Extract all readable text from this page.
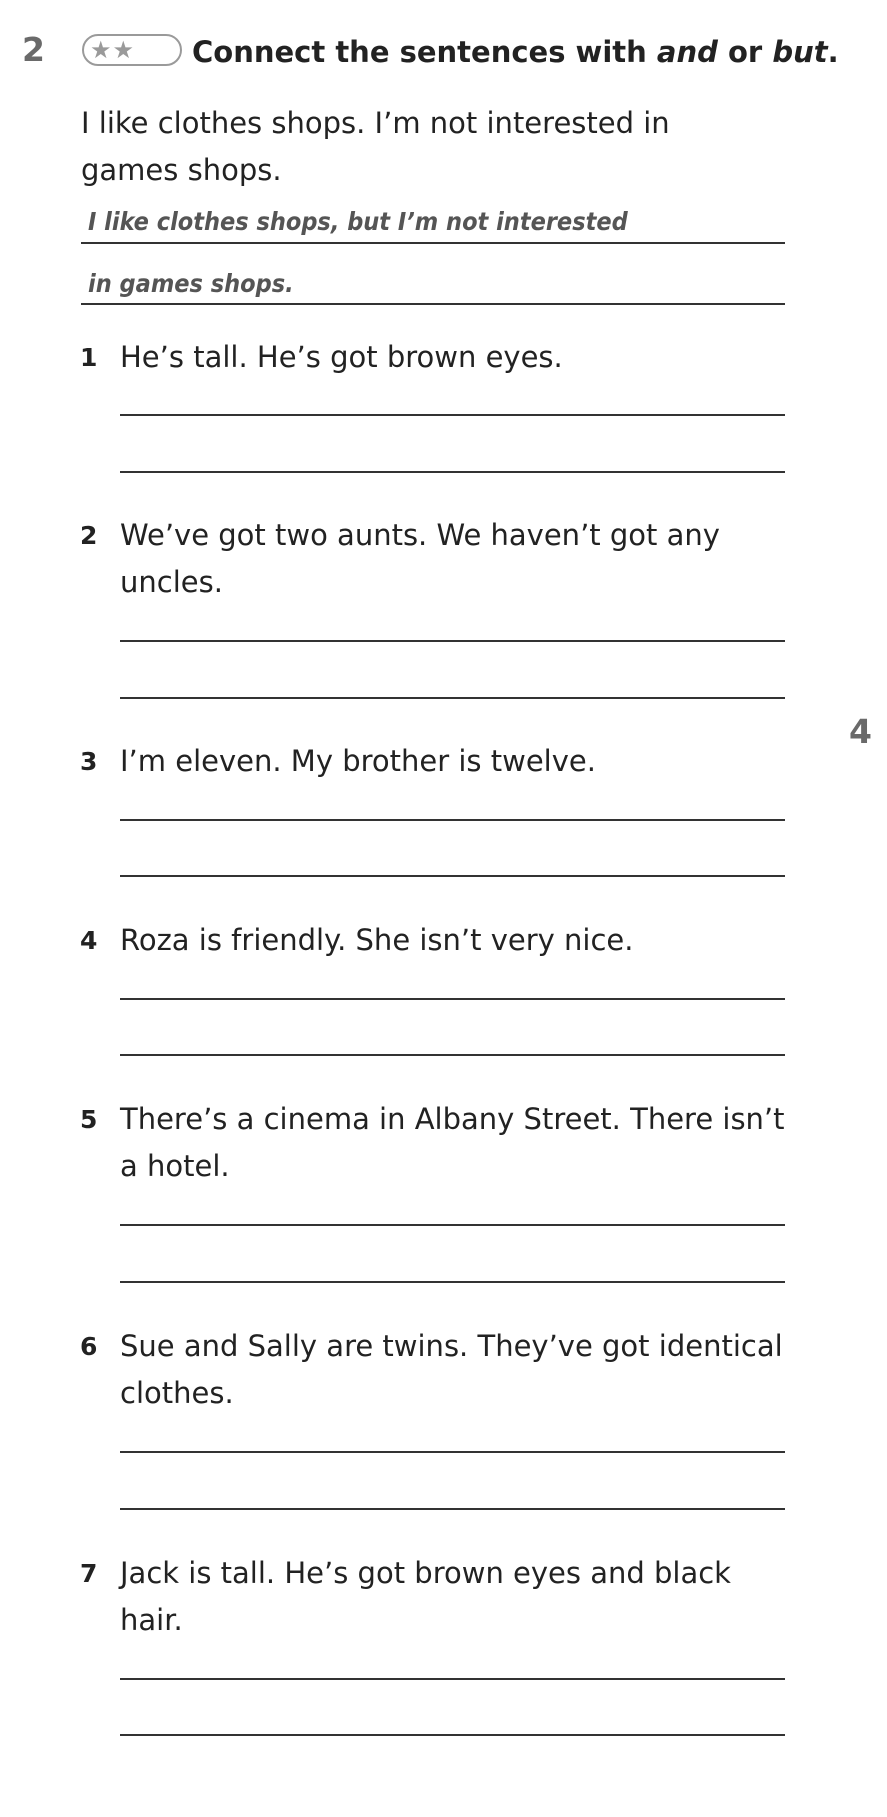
2 ★★ Connect the sentences with and or but.
I like clothes shops. I’m not interested in games shops.
I like clothes shops, but I’m not interested
in games shops.
1 He’s tall. He’s got brown eyes.
2 We’ve got two aunts. We haven’t got any uncles.
3 I’m eleven. My brother is twelve.
4 Roza is friendly. She isn’t very nice.
5 There’s a cinema in Albany Street. There isn’t a hotel.
6 Sue and Sally are twins. They’ve got identical clothes.
7 Jack is tall. He’s got brown eyes and black hair.
4
